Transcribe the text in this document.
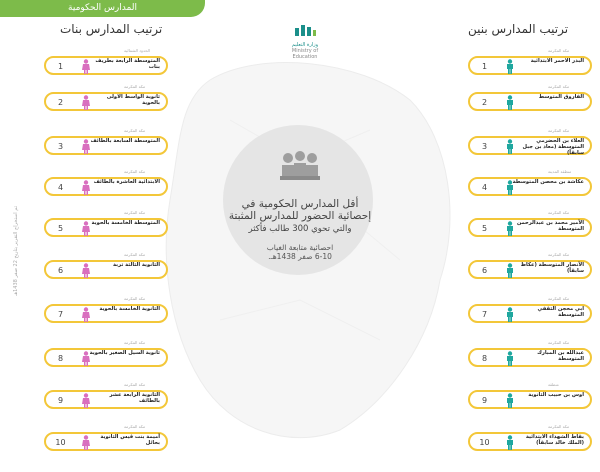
المدارس الحكومية
ترتيب المدارس بنات	ترتيب المدارس بنين
وزارة التعليم
Ministry of Education
أقل المدارس الحكومية في
إحصائية الحضور للمدارس المثبتة
والتي تحوي 300 طالب فأكثر
احصائية متابعة الغياب
6-10 صفر 1438هـ.
تم استخراج التقرير بتاريخ 22 صفر 1438هـ
الحدود الشمالية
1
المتوسطة الرابعة بطريف بنات
مكة المكرمة
2
ثانوية الواسط الاولى بالحوية
مكة المكرمة
3
المتوسطة السابعة بالطائف
مكة المكرمة
4
الابتدائية العاشرة بالطائف
مكة المكرمة
5
المتوسطة الخامسة بالحوية
مكة المكرمة
6
الثانوية الثالثة تربة
مكة المكرمة
7
الثانوية الخامسة بالحوية
مكة المكرمة
8
ثانوية السيل الصغير بالحوية
مكة المكرمة
9
الثانوية الرابعة عشر بالطائف
مكة المكرمة
10
أميمة بنت قيس الثانوية بحائل
مكة المكرمة
1
البدر الاحمر الابتدائية
مكة المكرمة
2
الفاروق المتوسط
مكة المكرمة
3
العلاء بن الحضرمي المتوسطة (معاذ بن جبل سابقاً)
منطقة المدينة
4
عكاشة بن محصن المتوسطة
مكة المكرمة
5
الأمير محمد بن عبدالرحمن المتوسطة
مكة المكرمة
6
الأنصار المتوسطة (عكاظ سابقاً)
مكة المكرمة
7
ابي محجن الثقفي المتوسطة
مكة المكرمة
8
عبدالله بن المبارك المتوسطة
منطقة
9
اوس بن حبيب الثانوية
مكة المكرمة
10
بقاط الشهداء الابتدائية (الملك خالد سابقاً)
